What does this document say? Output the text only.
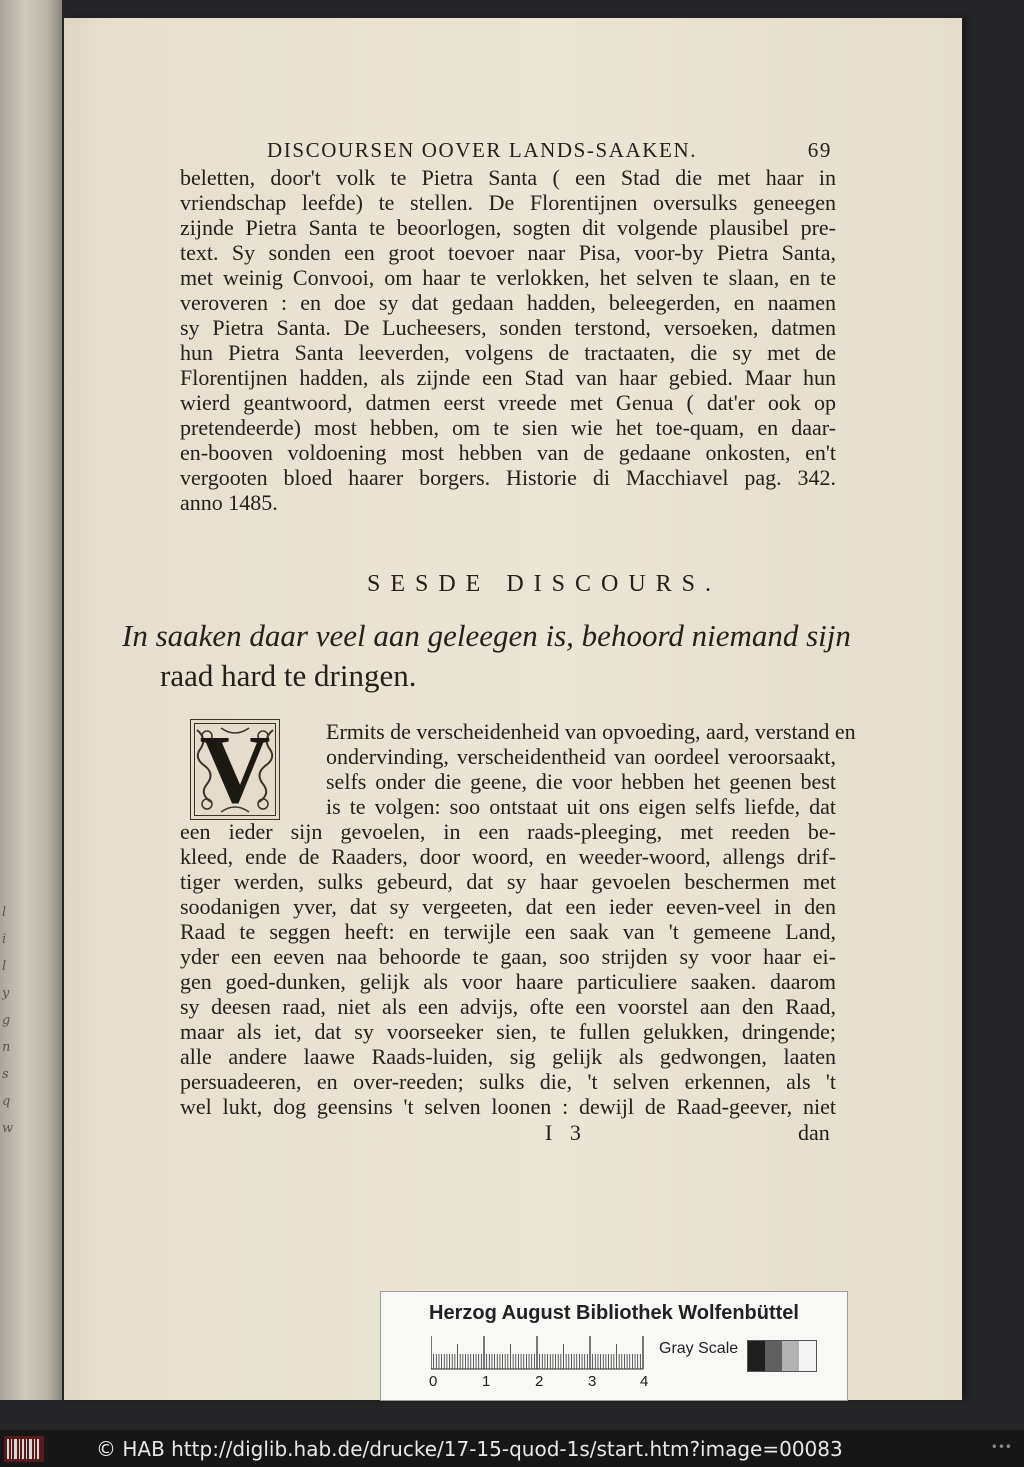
l
i
l
y
g
n
s
q
w
DISCOURSEN OOVER LANDS-SAAKEN.	69

beletten, door't volk te Pietra Santa ( een Stad die met haar in

vriendschap leefde) te stellen. De Florentijnen oversulks geneegen

zijnde Pietra Santa te beoorlogen, sogten dit volgende plausibel pre-

text. Sy sonden een groot toevoer naar Pisa, voor-by Pietra Santa,

met weinig Convooi, om haar te verlokken, het selven te slaan, en te

veroveren : en doe sy dat gedaan hadden, beleegerden, en naamen

sy Pietra Santa. De Lucheesers, sonden terstond, versoeken, datmen

hun Pietra Santa leeverden, volgens de tractaaten, die sy met de

Florentijnen hadden, als zijnde een Stad van haar gebied. Maar hun

wierd geantwoord, datmen eerst vreede met Genua ( dat'er ook op

pretendeerde) most hebben, om te sien wie het toe-quam, en daar-

en-booven voldoening most hebben van de gedaane onkosten, en't

vergooten bloed haarer borgers. Historie di Macchiavel pag. 342.

anno 1485.

SESDE DISCOURS.
In saaken daar veel aan geleegen is, behoord niemand sijn
raad hard te dringen.
V	Ermits de verscheidenheid van opvoeding, aard, verstand en

ondervinding, verscheidentheid van oordeel veroorsaakt,

selfs onder die geene, die voor hebben het geenen best

is te volgen: soo ontstaat uit ons eigen selfs liefde, dat

een ieder sijn gevoelen, in een raads-pleeging, met reeden be-

kleed, ende de Raaders, door woord, en weeder-woord, allengs drif-

tiger werden, sulks gebeurd, dat sy haar gevoelen beschermen met

soodanigen yver, dat sy vergeeten, dat een ieder eeven-veel in den

Raad te seggen heeft: en terwijle een saak van 't gemeene Land,

yder een eeven naa behoorde te gaan, soo strijden sy voor haar ei-

gen goed-dunken, gelijk als voor haare particuliere saaken. daarom

sy deesen raad, niet als een advijs, ofte een voorstel aan den Raad,

maar als iet, dat sy voorseeker sien, te fullen gelukken, dringende;

alle andere laawe Raads-luiden, sig gelijk als gedwongen, laaten

persuadeeren, en over-reeden; sulks die, 't selven erkennen, als 't

wel lukt, dog geensins 't selven loonen : dewijl de Raad-geever, niet

I 3	dan
Herzog August Bibliothek Wolfenbüttel
0	1	2	3	4
Gray Scale
© HAB http://diglib.hab.de/drucke/17-15-quod-1s/start.htm?image=00083	•••
